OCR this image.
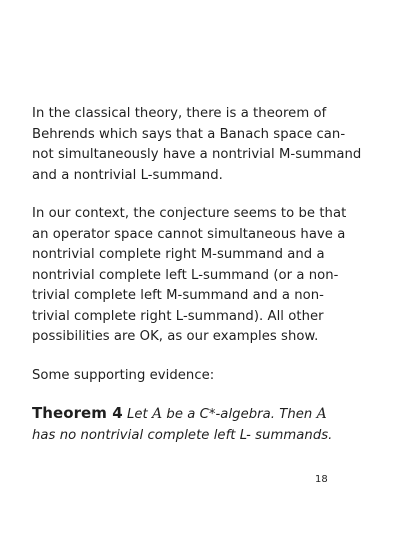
In the classical theory, there is a theorem of
Behrends which says that a Banach space can-
not simultaneously have a nontrivial M-summand
and a nontrivial L-summand.
In our context, the conjecture seems to be that
an operator space cannot simultaneous have a
nontrivial complete right M-summand and a
nontrivial complete left L-summand (or a non-
trivial complete left M-summand and a non-
trivial complete right L-summand). All other
possibilities are OK, as our examples show.
Some supporting evidence:
Theorem 4 Let A be a C*-algebra. Then A
has no nontrivial complete left L- summands.
18
